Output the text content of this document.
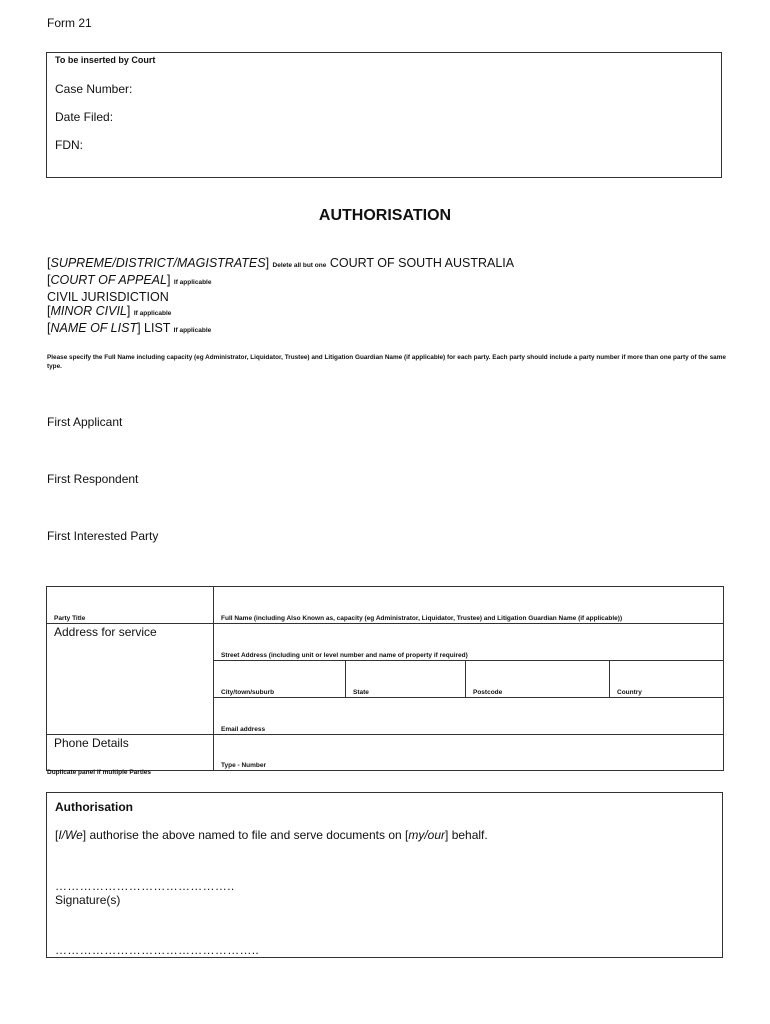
Form 21
To be inserted by Court
Case Number:
Date Filed:
FDN:
AUTHORISATION
[SUPREME/DISTRICT/MAGISTRATES] Delete all but one COURT OF SOUTH AUSTRALIA
[COURT OF APPEAL] If applicable
CIVIL JURISDICTION
[MINOR CIVIL] If applicable
[NAME OF LIST] LIST If applicable
Please specify the Full Name including capacity (eg Administrator, Liquidator, Trustee) and Litigation Guardian Name (if applicable) for each party. Each party should include a party number if more than one party of the same type.
First Applicant
First Respondent
First Interested Party
Party Title	Full Name (including Also Known as, capacity (eg Administrator, Liquidator, Trustee) and Litigation Guardian Name (if applicable))			

Address for service	Street Address (including unit or level number and name of property if required)			

	City/town/suburb	State	Postcode	Country

	Email address			

Phone Details	Type - Number			
Duplicate panel if multiple Parties
Authorisation
[I/We] authorise the above named to file and serve documents on [my/our] behalf.
……………………………………..
Signature(s)
…………………………………………..
